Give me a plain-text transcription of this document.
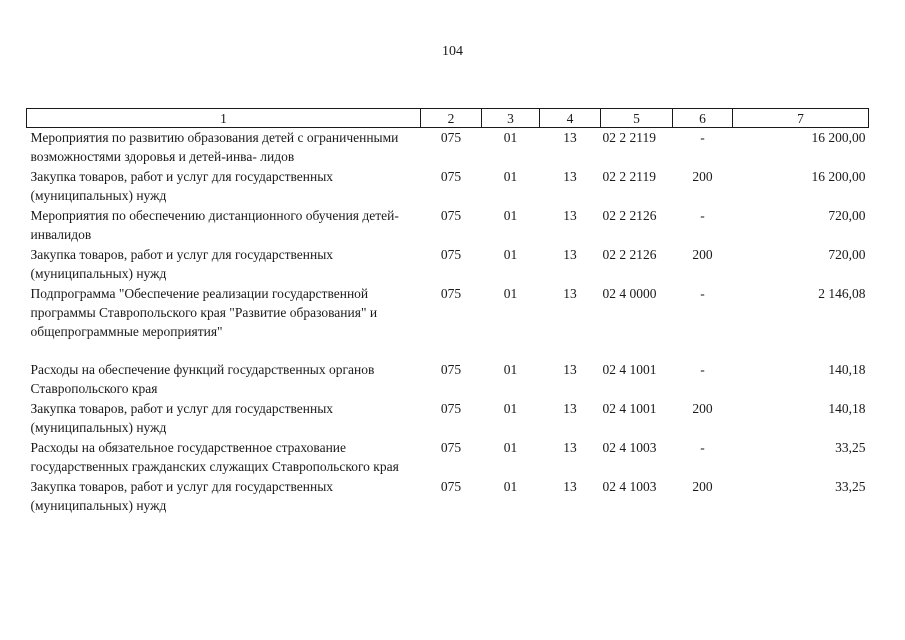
104
1	2	3	4	5	6	7
Мероприятия по развитию образования детей с ограниченными возможностями здоровья и детей-инва- лидов	075	01	13	02 2 2119	-	16 200,00
Закупка товаров, работ и услуг для государственных (муниципальных) нужд	075	01	13	02 2 2119	200	16 200,00
Мероприятия по обеспечению дистанционного обучения детей-инвалидов	075	01	13	02 2 2126	-	720,00
Закупка товаров, работ и услуг для государственных (муниципальных) нужд	075	01	13	02 2 2126	200	720,00
Подпрограмма "Обеспечение реализации государственной программы Ставропольского края "Развитие образования" и общепрограммные мероприятия"	075	01	13	02 4 0000	-	2 146,08

Расходы на обеспечение функций государственных органов Ставропольского края	075	01	13	02 4 1001	-	140,18
Закупка товаров, работ и услуг для государственных (муниципальных) нужд	075	01	13	02 4 1001	200	140,18
Расходы на обязательное государственное страхование государственных гражданских служащих Ставропольского края	075	01	13	02 4 1003	-	33,25
Закупка товаров, работ и услуг для государственных (муниципальных) нужд	075	01	13	02 4 1003	200	33,25
